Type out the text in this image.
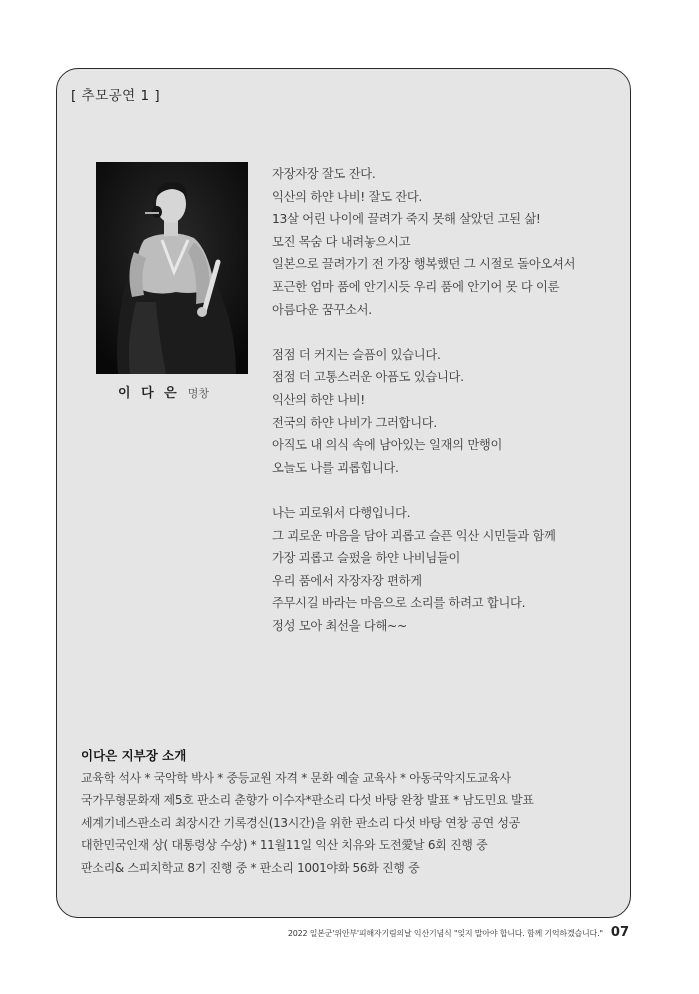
[ 추모공연 1 ]
이 다 은 명창

자장자장 잘도 잔다.

익산의 하얀 나비! 잘도 잔다.

13살 어린 나이에 끌려가 죽지 못해 살았던 고된 삶!

모진 목숨 다 내려놓으시고

일본으로 끌려가기 전 가장 행복했던 그 시절로 돌아오셔서

포근한 엄마 품에 안기시듯 우리 품에 안기어 못 다 이룬

아름다운 꿈꾸소서.

점점 더 커지는 슬픔이 있습니다.

점점 더 고통스러운 아픔도 있습니다.

익산의 하얀 나비!

전국의 하얀 나비가 그러합니다.

아직도 내 의식 속에 남아있는 일재의 만행이

오늘도 나를 괴롭힙니다.

나는 괴로워서 다행입니다.

그 괴로운 마음을 담아 괴롭고 슬픈 익산 시민들과 함께

가장 괴롭고 슬펐을 하얀 나비님들이

우리 품에서 자장자장 편하게

주무시길 바라는 마음으로 소리를 하려고 합니다.

정성 모아 최선을 다해~~

이다은 지부장 소개

교육학 석사 * 국악학 박사 * 중등교원 자격 * 문화 예술 교육사 * 아동국악지도교육사

국가무형문화재 제5호 판소리 춘향가 이수자*판소리 다섯 바탕 완창 발표 * 남도민요 발표

세계기네스판소리 최장시간 기록경신(13시간)을 위한 판소리 다섯 바탕 연창 공연 성공

대한민국인재 상( 대통령상 수상) * 11월11일 익산 치유와 도전愛날 6회 진행 중

판소리& 스피치학교 8기 진행 중 * 판소리 1001야화 56화 진행 중

2022 일본군'위안부'피해자기림의날 익산기념식 "잊지 말아야 합니다. 함께 기억하겠습니다." 07
